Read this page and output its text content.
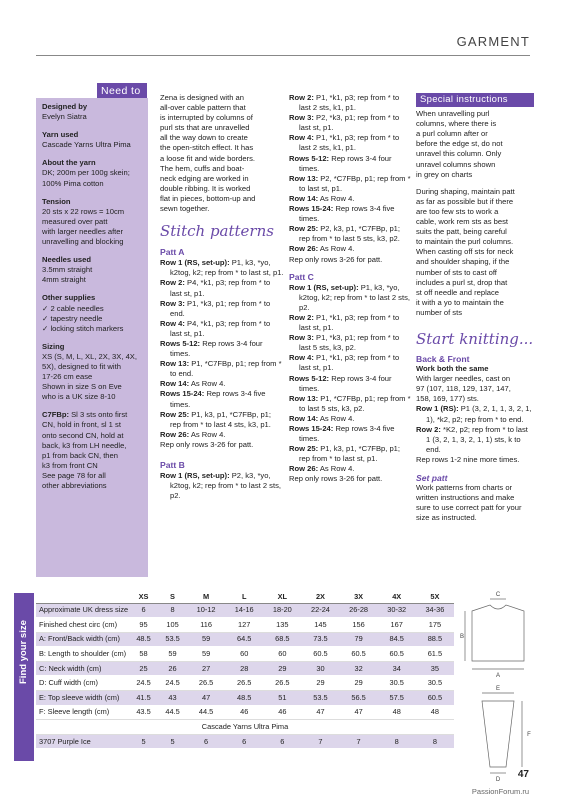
GARMENT
Need to
Designed by
Evelyn Siatra
Yarn used
Cascade Yarns Ultra Pima
About the yarn
DK; 200m per 100g skein;
100% Pima cotton
Tension
20 sts x 22 rows = 10cm
measured over patt
with larger needles after
unravelling and blocking
Needles used
3.5mm straight
4mm straight
Other supplies
✓ 2 cable needles
✓ tapestry needle
✓ locking stitch markers
Sizing
XS (S, M, L, XL, 2X, 3X, 4X,
5X), designed to fit with
17-26 cm ease
Shown in size S on Eve
who is a UK size 8-10
C7FBp: Sl 3 sts onto first
CN, hold in front, sl 1 st
onto second CN, hold at
back, k3 from LH needle,
p1 from back CN, then
k3 from front CN
See page 78 for all
other abbreviations
Zena is designed with an
all-over cable pattern that
is interrupted by columns of
purl sts that are unravelled
all the way down to create
the open-stitch effect. It has
a loose fit and wide borders.
The hem, cuffs and boat-
neck edging are worked in
double ribbing. It is worked
flat in pieces, bottom-up and
sewn together.
Stitch patterns
Patt A
Row 1 (RS, set-up): P1, k3, *yo, k2tog, k2; rep from * to last st, p1.
Row 2: P4, *k1, p3; rep from * to last st, p1.
Row 3: P1, *k3, p1; rep from * to end.
Row 4: P4, *k1, p3; rep from * to last st, p1.
Rows 5-12: Rep rows 3-4 four times.
Row 13: P1, *C7FBp, p1; rep from * to end.
Row 14: As Row 4.
Rows 15-24: Rep rows 3-4 five times.
Row 25: P1, k3, p1, *C7FBp, p1; rep from * to last 4 sts, k3, p1.
Row 26: As Row 4.
Rep only rows 3-26 for patt.
Patt B
Row 1 (RS, set-up): P2, k3, *yo, k2tog, k2; rep from * to last 2 sts, p2.
Row 2: P1, *k1, p3; rep from * to last 2 sts, k1, p1.
Row 3: P2, *k3, p1; rep from * to last st, p1.
Row 4: P1, *k1, p3; rep from * to last 2 sts, k1, p1.
Rows 5-12: Rep rows 3-4 four times.
Row 13: P2, *C7FBp, p1; rep from * to last st, p1.
Row 14: As Row 4.
Rows 15-24: Rep rows 3-4 five times.
Row 25: P2, k3, p1, *C7FBp, p1; rep from * to last 5 sts, k3, p2.
Row 26: As Row 4.
Rep only rows 3-26 for patt.
Patt C
Row 1 (RS, set-up): P1, k3, *yo, k2tog, k2; rep from * to last 2 sts, p2.
Row 2: P1, *k1, p3; rep from * to last st, p1.
Row 3: P1, *k3, p1; rep from * to last 5 sts, k3, p2.
Row 4: P1, *k1, p3; rep from * to last st, p1.
Rows 5-12: Rep rows 3-4 four times.
Row 13: P1, *C7FBp, p1; rep from * to last 5 sts, k3, p2.
Row 14: As Row 4.
Rows 15-24: Rep rows 3-4 five times.
Row 25: P1, k3, p1, *C7FBp, p1; rep from * to last st, p1.
Row 26: As Row 4.
Rep only rows 3-26 for patt.
Special instructions
When unravelling purl
columns, where there is
a purl column after or
before the edge st, do not
unravel this column. Only
unravel columns shown
in grey on charts
During shaping, maintain patt
as far as possible but if there
are too few sts to work a
cable, work rem sts as best
suits the patt, being careful
to maintain the purl columns.
When casting off sts for neck
and shoulder shaping, if the
number of sts to cast off
includes a purl st, drop that
st off needle and replace
it with a yo to maintain the
number of sts
Start knitting...
Back & Front
Work both the same
With larger needles, cast on
97 (107, 118, 129, 137, 147,
158, 169, 177) sts.
Row 1 (RS): P1 (3, 2, 1, 1, 3, 2, 1, 1), *k2, p2; rep from * to end.
Row 2: *K2, p2; rep from * to last 1 (3, 2, 1, 3, 2, 1, 1) sts, k to end.
Rep rows 1-2 nine more times.
Set patt
Work patterns from charts or
written instructions and make
sure to use correct patt for your
size as instructed.
Find your size
	XS	S	M	L	XL	2X	3X	4X	5X
Approximate UK dress size	6	8	10-12	14-16	18-20	22-24	26-28	30-32	34-36
Finished chest circ (cm)	95	105	116	127	135	145	156	167	175
A: Front/Back width (cm)	48.5	53.5	59	64.5	68.5	73.5	79	84.5	88.5
B: Length to shoulder (cm)	58	59	59	60	60	60.5	60.5	60.5	61.5
C: Neck width (cm)	25	26	27	28	29	30	32	34	35
D: Cuff width (cm)	24.5	24.5	26.5	26.5	26.5	29	29	30.5	30.5
E: Top sleeve width (cm)	41.5	43	47	48.5	51	53.5	56.5	57.5	60.5
F: Sleeve length (cm)	43.5	44.5	44.5	46	46	47	47	48	48
Cascade Yarns Ultra Pima									
3707 Purple Ice	5	5	6	6	6	7	7	8	8
C
B
A
E
F
D 47
PassionForum.ru
